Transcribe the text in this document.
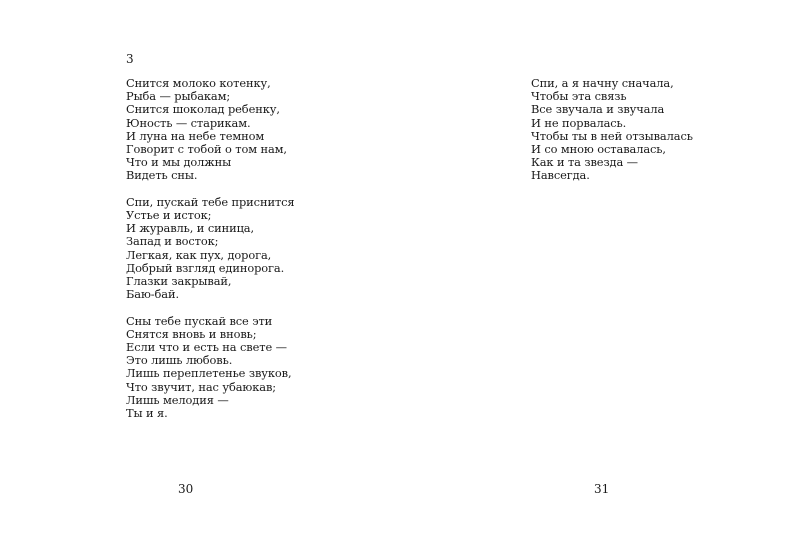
3
Снится молоко котенку,
Рыба — рыбакам;
Снится шоколад ребенку,
Юность — старикам.
И луна на небе темном
Говорит с тобой о том нам,
Что и мы должны
Видеть сны.
Спи, пускай тебе приснится
Устье и исток;
И журавль, и синица,
Запад и восток;
Легкая, как пух, дорога,
Добрый взгляд единорога.
Глазки закрывай,
Баю-бай.
Сны тебе пускай все эти
Снятся вновь и вновь;
Если что и есть на свете —
Это лишь любовь.
Лишь переплетенье звуков,
Что звучит, нас убаюкав;
Лишь мелодия —
Ты и я.
30
Спи, а я начну сначала,
Чтобы эта связь
Все звучала и звучала
И не порвалась.
Чтобы ты в ней отзывалась
И со мною оставалась,
Как и та звезда —
Навсегда.
31
